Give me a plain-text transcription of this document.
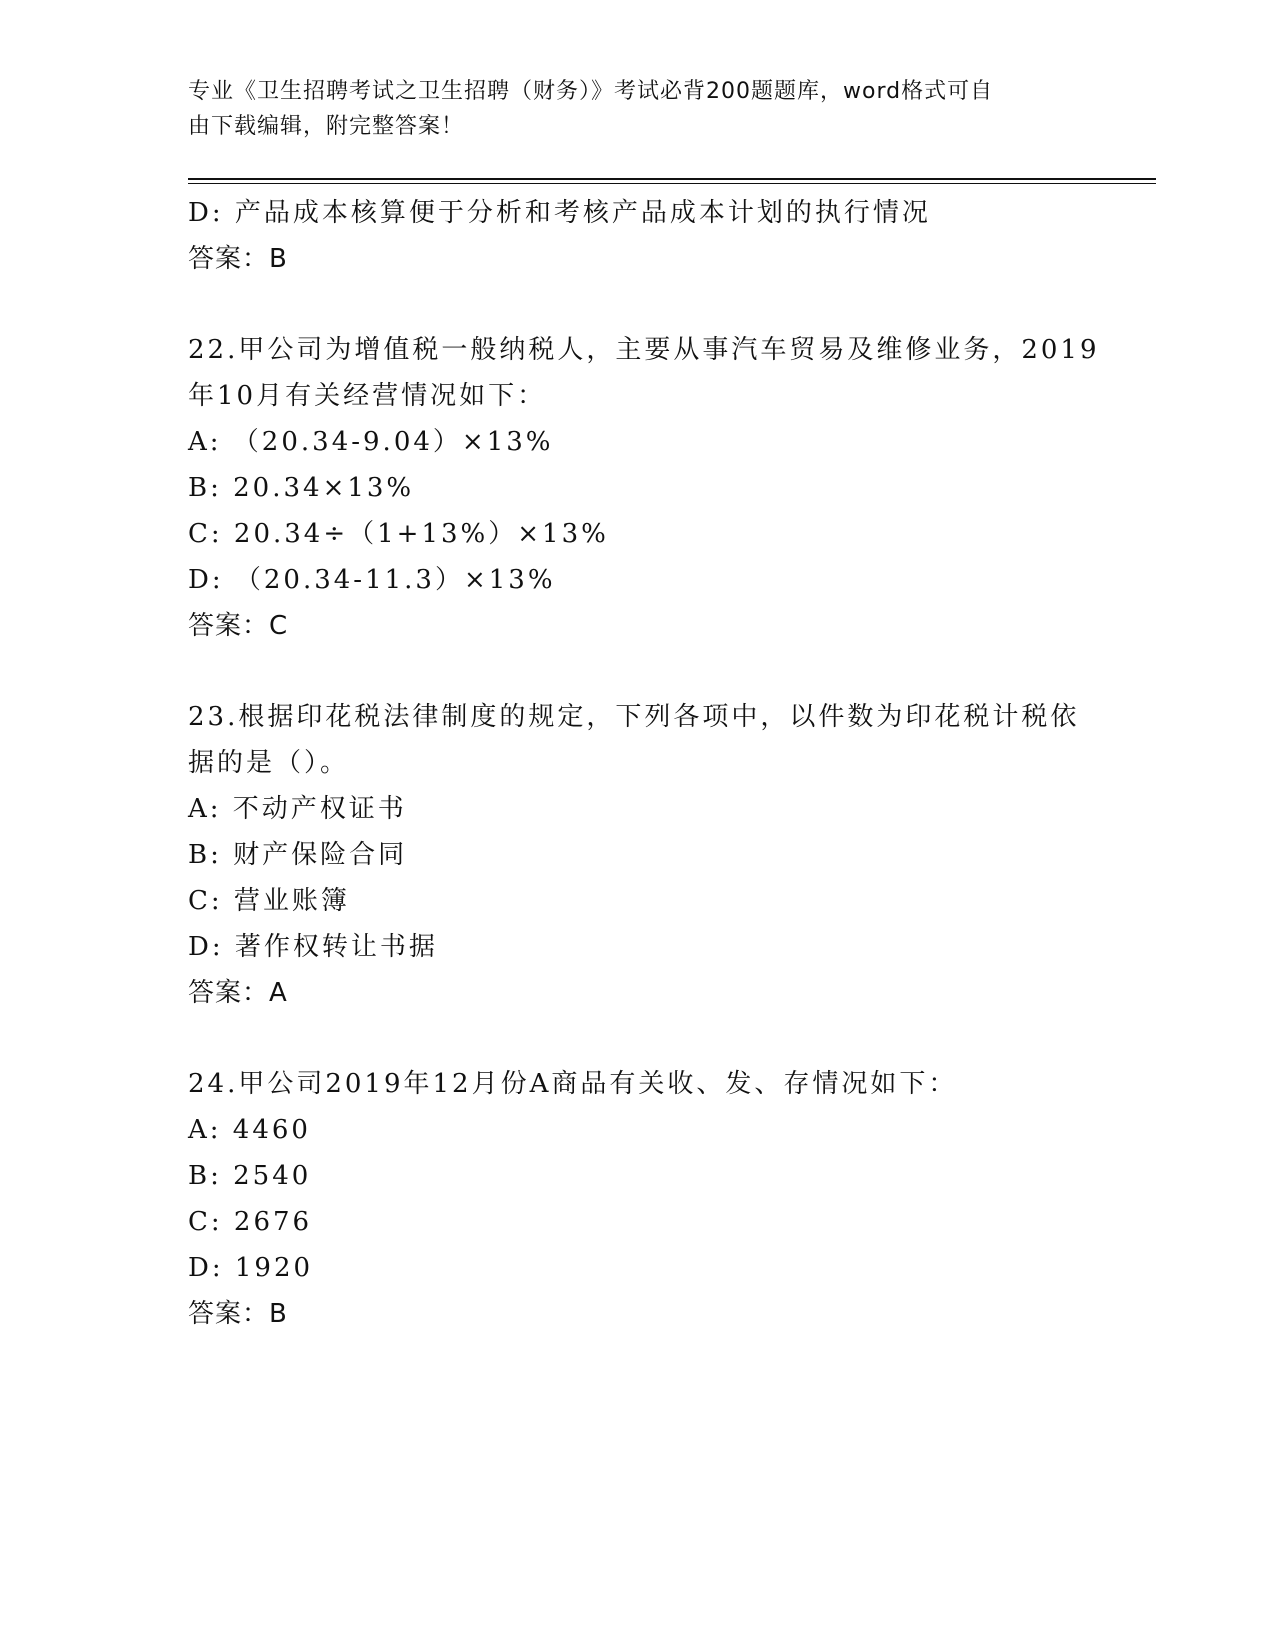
专业《卫生招聘考试之卫生招聘（财务）》考试必背200题题库，word格式可自
由下载编辑，附完整答案！
D: 产品成本核算便于分析和考核产品成本计划的执行情况
答案：B
22.甲公司为增值税一般纳税人，主要从事汽车贸易及维修业务，2019
年10月有关经营情况如下：
A: （20.34-9.04）×13%
B: 20.34×13%
C: 20.34÷（1+13%）×13%
D: （20.34-11.3）×13%
答案：C
23.根据印花税法律制度的规定，下列各项中，以件数为印花税计税依
据的是（）。
A: 不动产权证书
B: 财产保险合同
C: 营业账簿
D: 著作权转让书据
答案：A
24.甲公司2019年12月份A商品有关收、发、存情况如下：
A: 4460
B: 2540
C: 2676
D: 1920
答案：B
